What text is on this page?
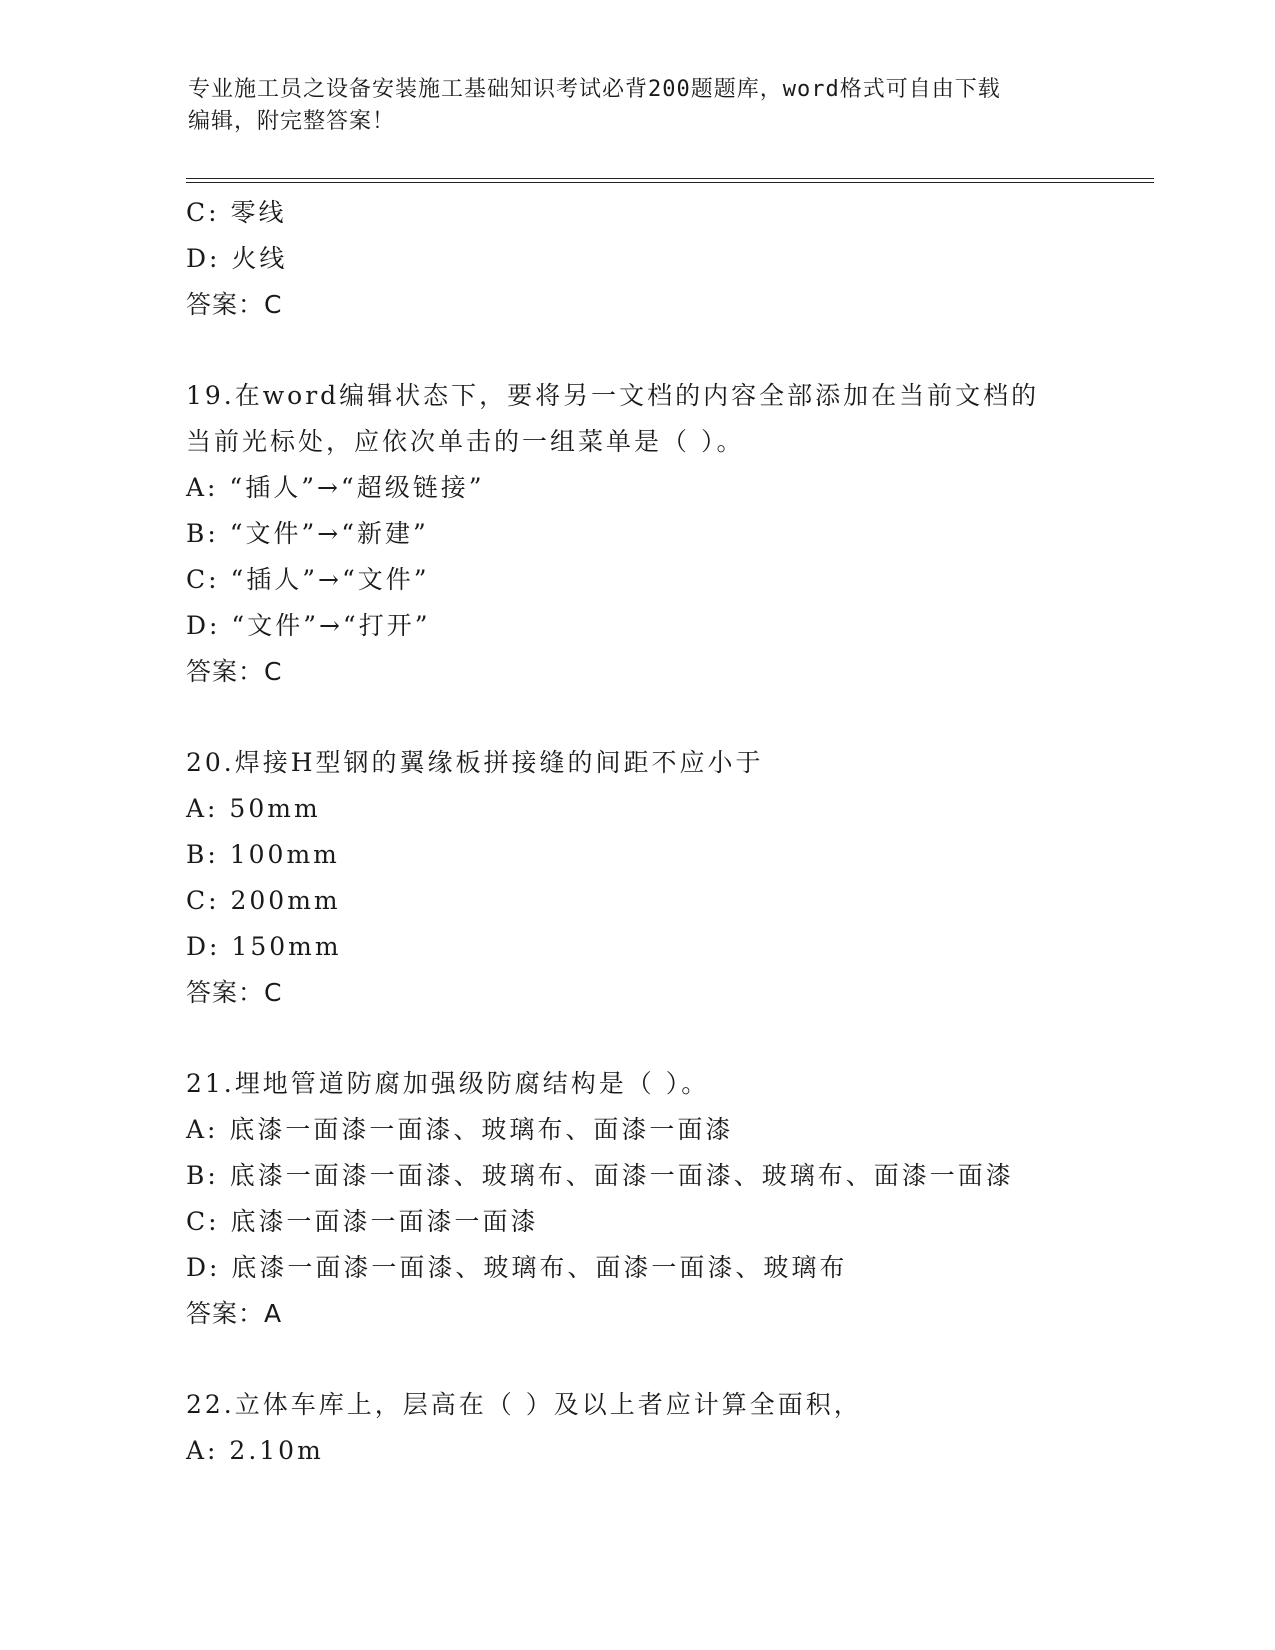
专业施工员之设备安装施工基础知识考试必背200题题库，word格式可自由下载
编辑，附完整答案！
C: 零线
D: 火线
答案：C
19.在word编辑状态下，要将另一文档的内容全部添加在当前文档的
当前光标处，应依次单击的一组菜单是（ ）。
A: “插人”→“超级链接”
B: “文件”→“新建”
C: “插人”→“文件”
D: “文件”→“打开”
答案：C
20.焊接H型钢的翼缘板拼接缝的间距不应小于
A: 50mm
B: 100mm
C: 200mm
D: 150mm
答案：C
21.埋地管道防腐加强级防腐结构是（ ）。
A: 底漆一面漆一面漆、玻璃布、面漆一面漆
B: 底漆一面漆一面漆、玻璃布、面漆一面漆、玻璃布、面漆一面漆
C: 底漆一面漆一面漆一面漆
D: 底漆一面漆一面漆、玻璃布、面漆一面漆、玻璃布
答案：A
22.立体车库上，层高在（ ）及以上者应计算全面积，
A: 2.10m
